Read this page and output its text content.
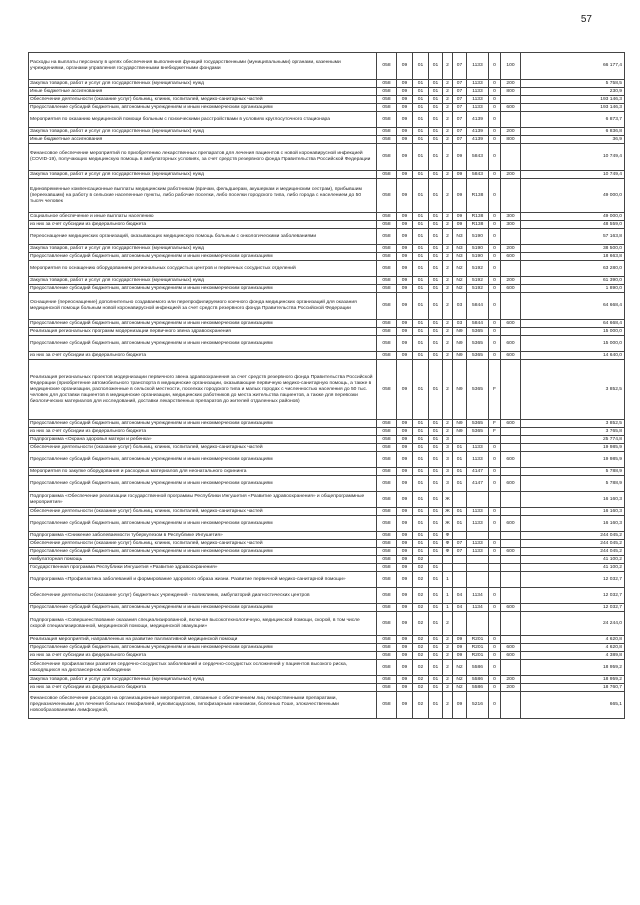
57
Расходы на выплаты персоналу в целях обеспечения выполнения функций государственными (муниципальными) органами, казенными учреждениями, органами управления государственными внебюджетными фондами	058	09	01	01	2	07	1133	0	100	66 177,4
Закупка товаров, работ и услуг для государственных (муниципальных) нужд	058	09	01	01	2	07	1133	0	200	5 758,5
Иные бюджетные ассигнования	058	09	01	01	2	07	1133	0	800	230,9
Обеспечение деятельности (оказание услуг) больниц, клиник, госпиталей, медико-санитарных частей	058	09	01	01	2	07	1133	0		193 146,3
Предоставление субсидий бюджетным, автономным учреждениям и иным некоммерческим организациям	058	09	01	01	2	07	1133	0	600	193 146,3
Мероприятия по оказанию медицинской помощи больным с психическими расстройствами в условиях круглосуточного стационара	058	09	01	01	2	07	4139	0		6 873,7
Закупка товаров, работ и услуг для государственных (муниципальных) нужд	058	09	01	01	2	07	4139	0	200	6 836,8
Иные бюджетные ассигнования	058	09	01	01	2	07	4139	0	800	36,9
Финансовое обеспечение мероприятий по приобретению лекарственных препаратов для лечения пациентов с новой коронавирусной инфекцией (COVID-19), получающих медицинскую помощь в амбулаторных условиях, за счет средств резервного фонда Правительства Российской Федерации	058	09	01	01	2	09	5843	0		10 749,4
Закупка товаров, работ и услуг для государственных (муниципальных) нужд	058	09	01	01	2	09	5843	0	200	10 749,4
Единовременные компенсационные выплаты медицинским работникам (врачам, фельдшерам, акушеркам и медицинским сестрам), прибывшим (переехавшим) на работу в сельские населенные пункты, либо рабочие поселки, либо поселки городского типа, либо города с населением до 50 тысяч человек	058	09	01	01	2	09	R138	0		49 000,0
Социальное обеспечение и иные выплаты населению	058	09	01	01	2	09	R138	0	300	49 000,0
из них за счет субсидии из федерального бюджета	058	09	01	01	2	09	R138	0	300	48 559,0
Переоснащение медицинских организаций, оказывающих медицинскую помощь больным с онкологическими заболеваниями	058	09	01	01	2	N3	5190	0		57 163,8
Закупка товаров, работ и услуг для государственных (муниципальных) нужд	058	09	01	01	2	N3	5190	0	200	38 500,0
Предоставление субсидий бюджетным, автономным учреждениям и иным некоммерческим организациям	058	09	01	01	2	N3	5190	0	600	18 663,8
Мероприятия по оснащению оборудованием региональных сосудистых центров и первичных сосудистых отделений	058	09	01	01	2	N2	5192	0		63 280,0
Закупка товаров, работ и услуг для государственных (муниципальных) нужд	058	09	01	01	2	N2	5192	0	200	61 390,0
Предоставление субсидий бюджетным, автономным учреждениям и иным некоммерческим организациям	058	09	01	01	2	N2	5192	0	600	1 890,0
Оснащение (переоснащение) дополнительно создаваемого или перепрофилируемого коечного фонда медицинских организаций для оказания медицинской помощи больным новой коронавирусной инфекцией за счет средств резервного фонда Правительства Российской Федерации	058	09	01	01	2	03	5844	0		64 668,4
Предоставление субсидий бюджетным, автономным учреждениям и иным некоммерческим организациям	058	09	01	01	2	03	5844	0	600	64 668,4
Реализация региональных программ модернизации первичного звена здравоохранения	058	09	01	01	2	N9	5365	0		15 000,0
Предоставление субсидий бюджетным, автономным учреждениям и иным некоммерческим организациям	058	09	01	01	2	N9	5365	0	600	15 000,0
из них за счет субсидии из федерального бюджета	058	09	01	01	2	N9	5365	0	600	14 640,0
Реализация региональных проектов модернизации первичного звена здравоохранения за счет средств резервного фонда Правительства Российской Федерации (приобретение автомобильного транспорта в медицинские организации, оказывающие первичную медико-санитарную помощь, а также в медицинские организации, расположенные в сельской местности, поселках городского типа и малых городах с численностью населения до 50 тыс. человек для доставки пациентов в медицинские организации, медицинских работников до места жительства пациентов, а также для перевозки биологических материалов для исследований, доставки лекарственных препаратов до жителей отдаленных районов)	058	09	01	01	2	N9	5365	F		3 852,5
Предоставление субсидий бюджетным, автономным учреждениям и иным некоммерческим организациям	058	09	01	01	2	N9	5365	F	600	3 852,5
из них за счет субсидии из федерального бюджета	058	09	01	01	2	N9	5365	F		3 765,8
Подпрограмма «Охрана здоровья матери и ребенка»	058	09	01	01	3					25 774,8
Обеспечение деятельности (оказание услуг) больниц, клиник, госпиталей, медико-санитарных частей	058	09	01	01	3	01	1133	0		19 985,9
Предоставление субсидий бюджетным, автономным учреждениям и иным некоммерческим организациям	058	09	01	01	3	01	1133	0	600	19 985,9
Мероприятия по закупке оборудования и расходных материалов для неонатального скрининга	058	09	01	01	3	01	4147	0		5 788,9
Предоставление субсидий бюджетным, автономным учреждениям и иным некоммерческим организациям	058	09	01	01	3	01	4147	0	600	5 788,9
Подпрограмма «Обеспечение реализации государственной программы Республики Ингушетия «Развитие здравоохранения» и общепрограммные мероприятия»	058	09	01	01	Ж					16 160,3
Обеспечение деятельности (оказание услуг) больниц, клиник, госпиталей, медико-санитарных частей	058	09	01	01	Ж	01	1133	0		16 160,3
Предоставление субсидий бюджетным, автономным учреждениям и иным некоммерческим организациям	058	09	01	01	Ж	01	1133	0	600	16 160,3
Подпрограмма «Снижение заболеваемости туберкулезом в Республике Ингушетия»	058	09	01	01	Ф					244 045,2
Обеспечение деятельности (оказание услуг) больниц, клиник, госпиталей, медико-санитарных частей	058	09	01	01	Ф	07	1133	0		244 045,2
Предоставление субсидий бюджетным, автономным учреждениям и иным некоммерческим организациям	058	09	01	01	Ф	07	1133	0	600	244 045,2
Амбулаторная помощь	058	09	02							41 100,2
Государственная программа Республики Ингушетия «Развитие здравоохранения»	058	09	02	01						41 100,2
Подпрограмма «Профилактика заболеваний и формирование здорового образа жизни. Развитие первичной медико-санитарной помощи»	058	09	02	01	1					12 032,7
Обеспечение деятельности (оказание услуг) бюджетных учреждений - поликлиник, амбулаторий диагностических центров	058	09	02	01	1	04	1134	0		12 032,7
Предоставление субсидий бюджетным, автономным учреждениям и иным некоммерческим организациям	058	09	02	01	1	04	1134	0	600	12 032,7
Подпрограмма «Совершенствование оказания специализированной, включая высокотехнологичную, медицинской помощи, скорой, в том числе скорой специализированной, медицинской помощи, медицинской эвакуации»	058	09	02	01	2					24 244,0
Реализация мероприятий, направленных на развитие паллиативной медицинской помощи	058	09	02	01	2	09	R201	0		4 620,8
Предоставление субсидий бюджетным, автономным учреждениям и иным некоммерческим организациям	058	09	02	01	2	09	R201	0	600	4 620,8
из них за счет субсидии из федерального бюджета	058	09	02	01	2	09	R201	0	600	4 389,8
Обеспечение профилактики развития сердечно-сосудистых заболеваний и сердечно-сосудистых осложнений у пациентов высокого риска, находящихся на диспансерном наблюдении	058	09	02	01	2	N2	5586	0		18 959,2
Закупка товаров, работ и услуг для государственных (муниципальных) нужд	058	09	02	01	2	N2	5586	0	200	18 959,2
из них за счет субсидии из федерального бюджета	058	09	02	01	2	N2	5586	0	200	18 760,7
Финансовое обеспечение расходов на организационные мероприятия, связанные с обеспечением лиц лекарственными препаратами, предназначенными для лечения больных гемофилией, муковисцидозом, гипофизарным нанизмом, болезнью Гоше, злокачественными новообразованиями лимфоидной,	058	09	02	01	2	09	5216	0		665,1
